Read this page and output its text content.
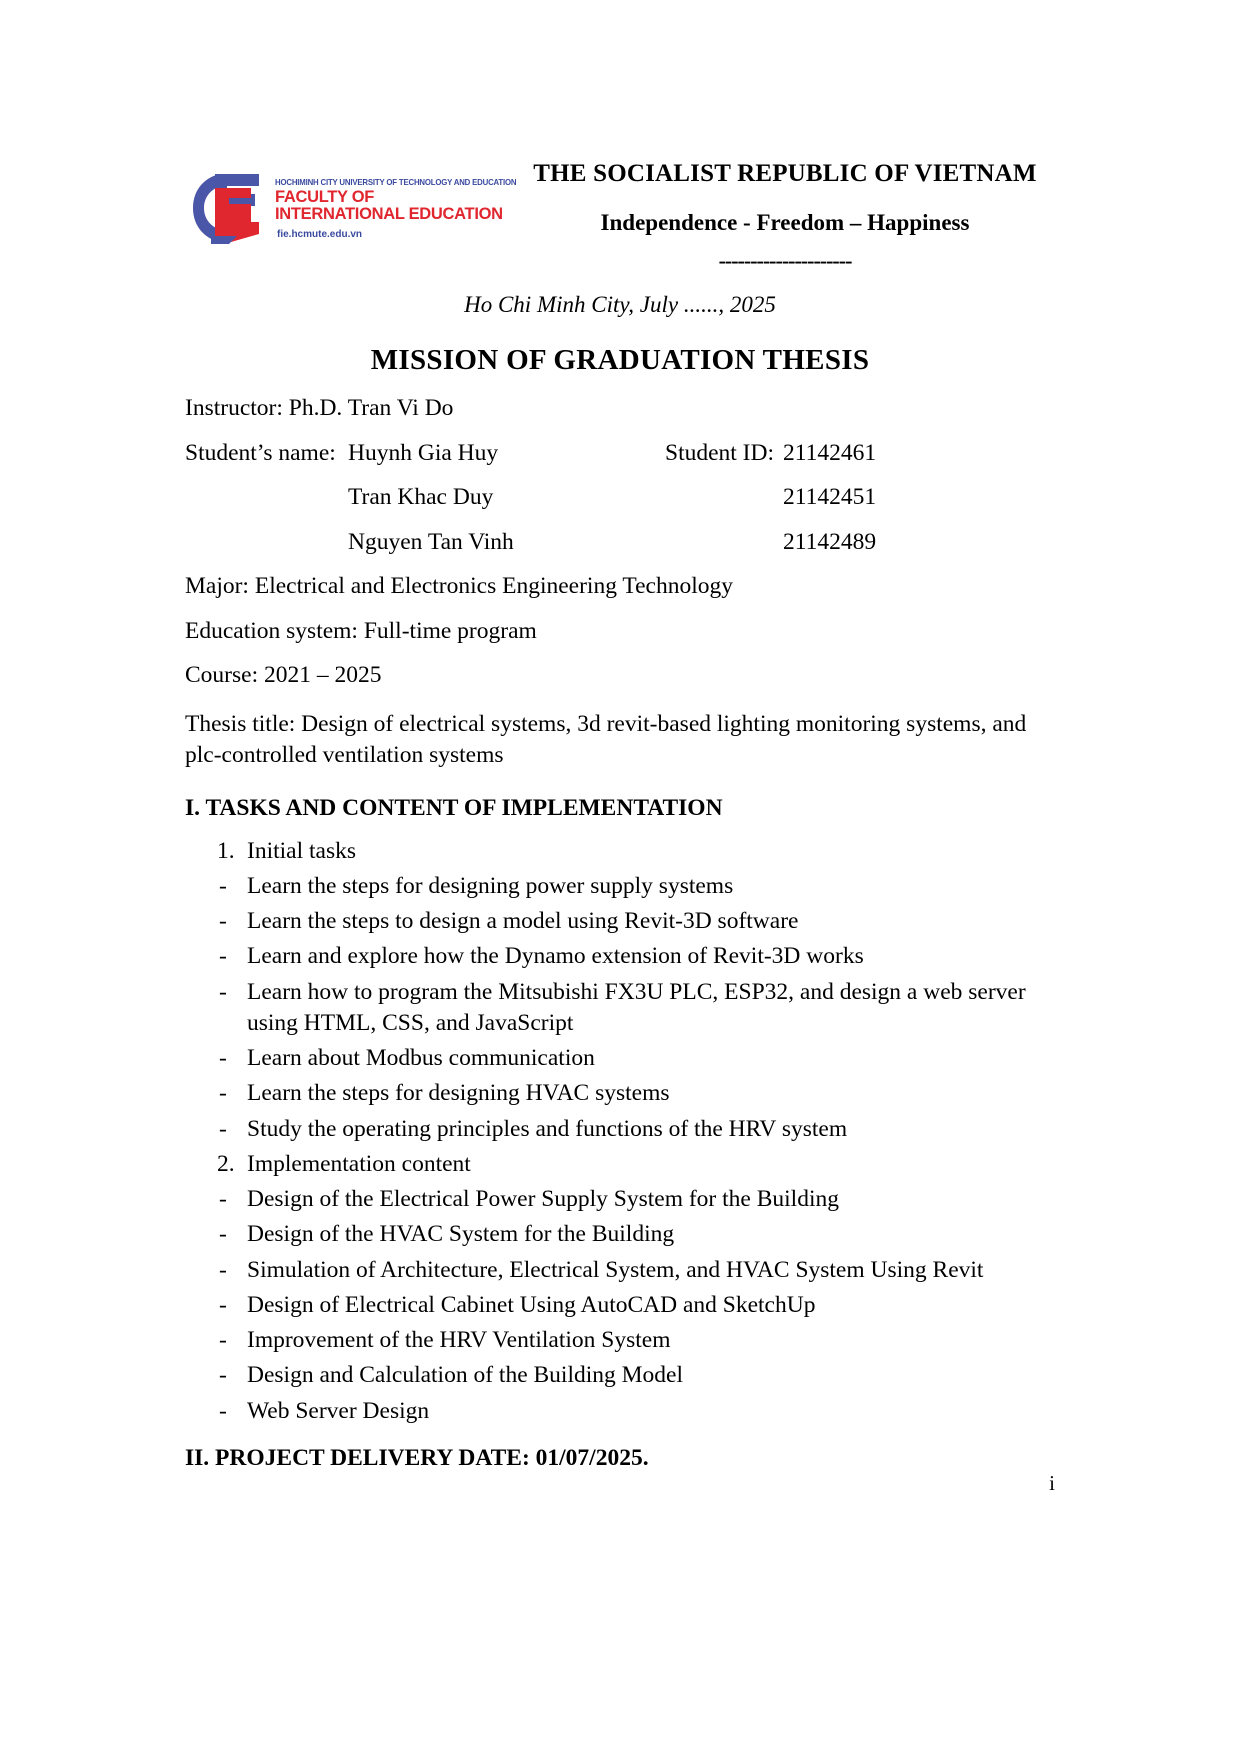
HOCHIMINH CITY UNIVERSITY OF TECHNOLOGY AND EDUCATION
FACULTY OF
INTERNATIONAL EDUCATION
fie.hcmute.edu.vn
THE SOCIALIST REPUBLIC OF VIETNAM
Independence - Freedom – Happiness
---------------------
Ho Chi Minh City, July ......, 2025
MISSION OF GRADUATION THESIS
Instructor: Ph.D. Tran Vi Do
Student’s name: Huynh Gia Huy	Student ID: 21142461
Tran Khac Duy	21142451
Nguyen Tan Vinh	21142489
Major: Electrical and Electronics Engineering Technology
Education system: Full-time program
Course: 2021 – 2025
Thesis title: Design of electrical systems, 3d revit-based lighting monitoring systems, and plc-controlled ventilation systems
I. TASKS AND CONTENT OF IMPLEMENTATION
1. Initial tasks
- Learn the steps for designing power supply systems
- Learn the steps to design a model using Revit-3D software
- Learn and explore how the Dynamo extension of Revit-3D works
- Learn how to program the Mitsubishi FX3U PLC, ESP32, and design a web server using HTML, CSS, and JavaScript
- Learn about Modbus communication
- Learn the steps for designing HVAC systems
- Study the operating principles and functions of the HRV system
2. Implementation content
- Design of the Electrical Power Supply System for the Building
- Design of the HVAC System for the Building
- Simulation of Architecture, Electrical System, and HVAC System Using Revit
- Design of Electrical Cabinet Using AutoCAD and SketchUp
- Improvement of the HRV Ventilation System
- Design and Calculation of the Building Model
- Web Server Design
II. PROJECT DELIVERY DATE: 01/07/2025.
i
